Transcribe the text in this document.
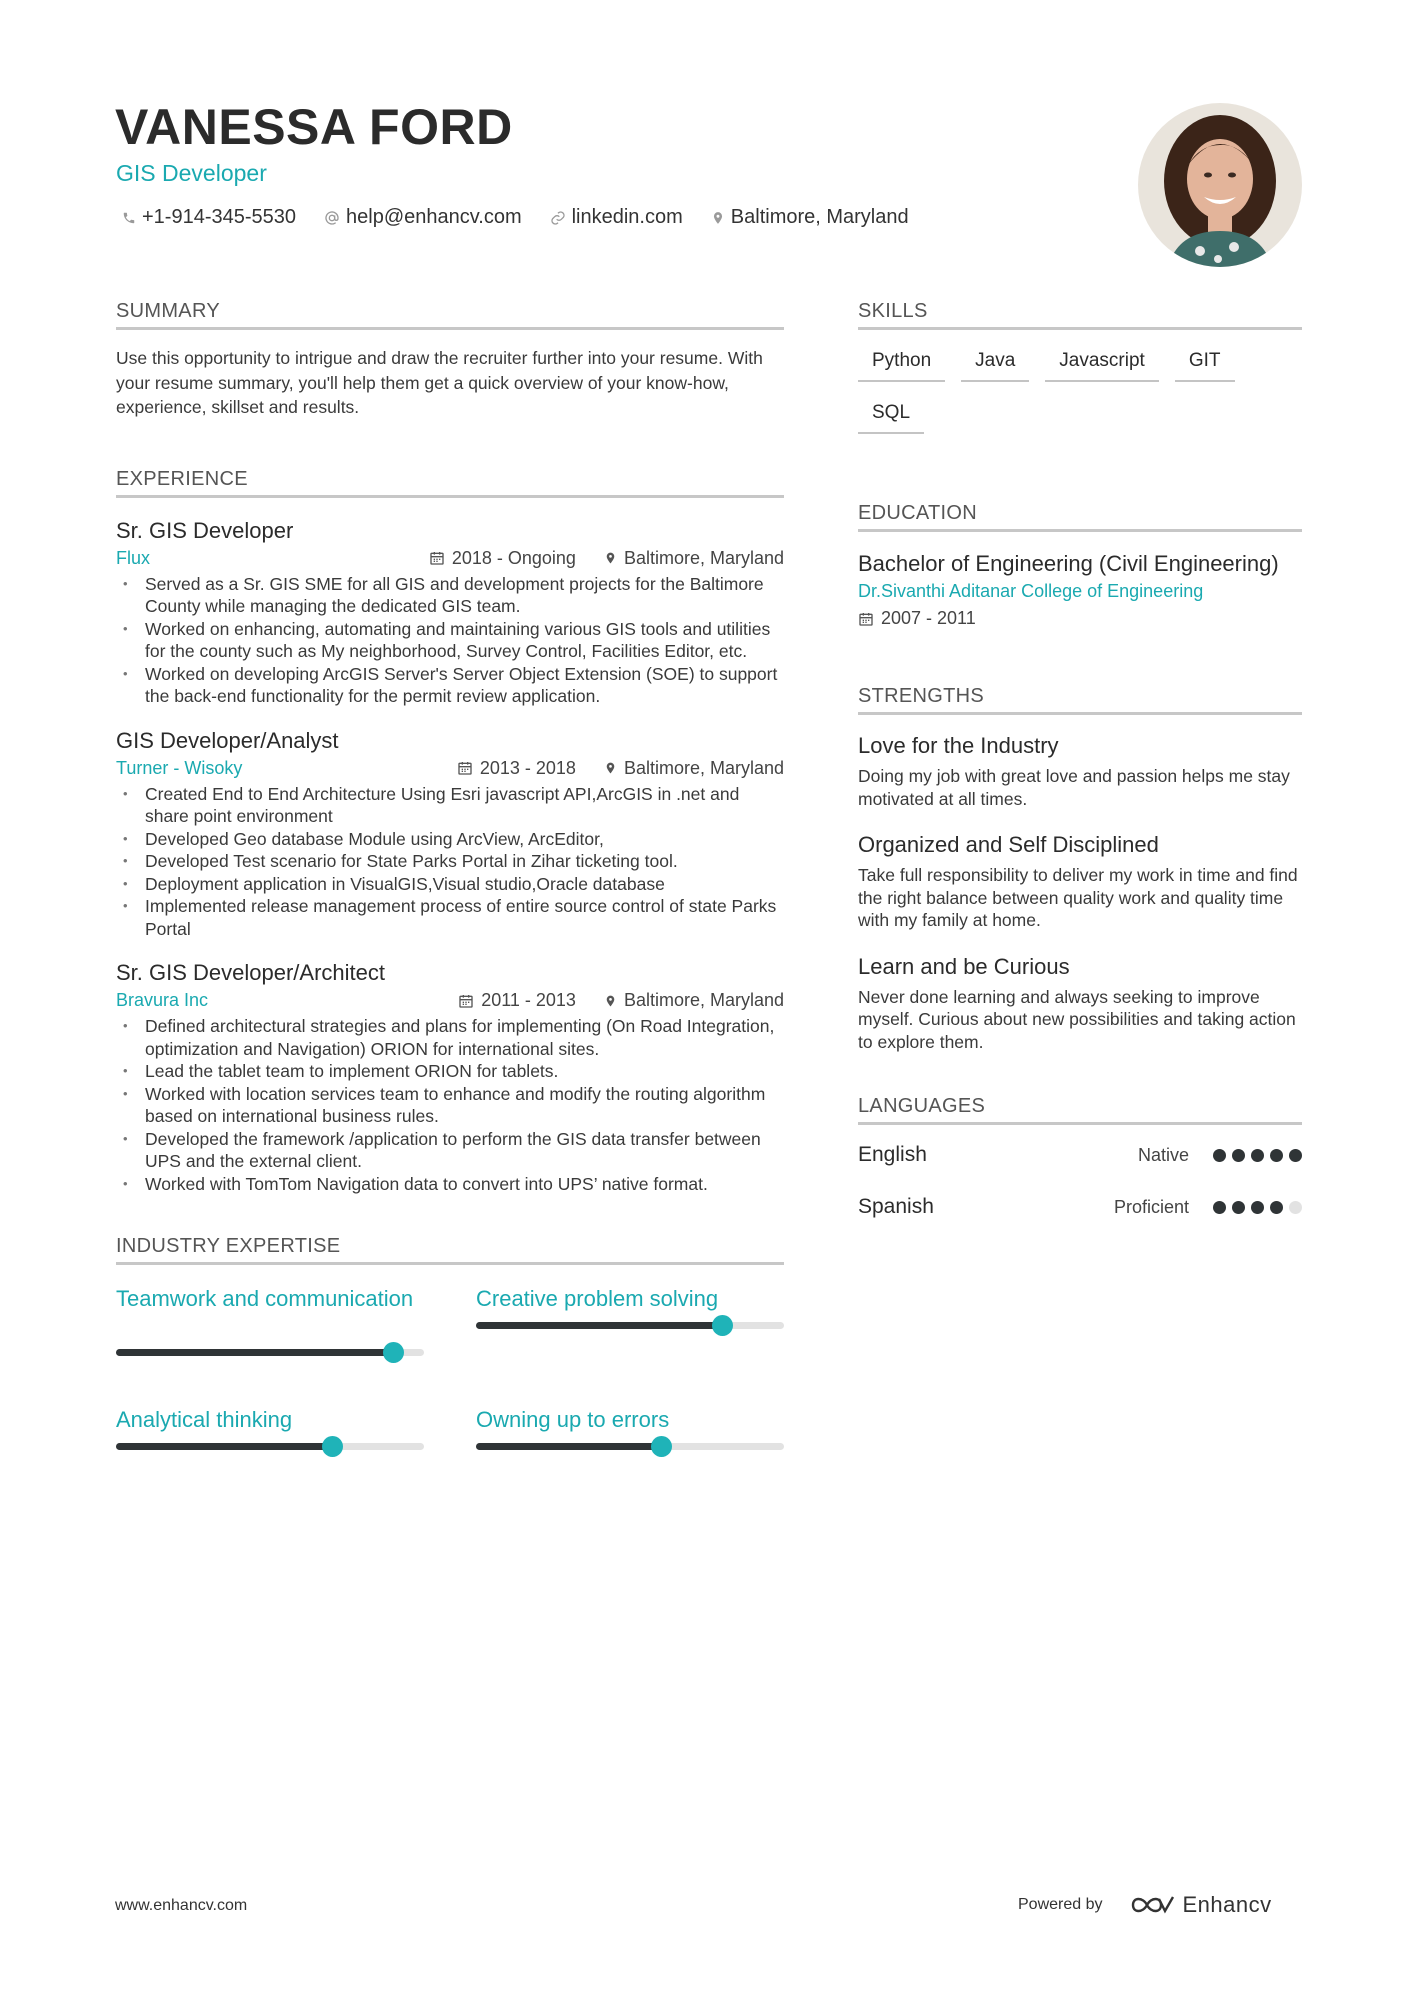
VANESSA FORD
GIS Developer
+1-914-345-5530	help@enhancv.com	linkedin.com Baltimore, Maryland
SUMMARY
Use this opportunity to intrigue and draw the recruiter further into your resume. With your resume summary, you'll help them get a quick overview of your know-how, experience, skillset and results.
EXPERIENCE
Sr. GIS Developer
Flux	2018 - Ongoing	Baltimore, Maryland
• Served as a Sr. GIS SME for all GIS and development projects for the Baltimore County while managing the dedicated GIS team.
• Worked on enhancing, automating and maintaining various GIS tools and utilities for the county such as My neighborhood, Survey Control, Facilities Editor, etc.
• Worked on developing ArcGIS Server's Server Object Extension (SOE) to support the back-end functionality for the permit review application.
GIS Developer/Analyst
Turner - Wisoky	2013 - 2018	Baltimore, Maryland
• Created End to End Architecture Using Esri javascript API,ArcGIS in .net and share point environment
• Developed Geo database Module using ArcView, ArcEditor,
• Developed Test scenario for State Parks Portal in Zihar ticketing tool.
• Deployment application in VisualGIS,Visual studio,Oracle database
• Implemented release management process of entire source control of state Parks Portal
Sr. GIS Developer/Architect
Bravura Inc	2011 - 2013	Baltimore, Maryland
• Defined architectural strategies and plans for implementing (On Road Integration, optimization and Navigation) ORION for international sites.
• Lead the tablet team to implement ORION for tablets.
• Worked with location services team to enhance and modify the routing algorithm based on international business rules.
• Developed the framework /application to perform the GIS data transfer between UPS and the external client.
• Worked with TomTom Navigation data to convert into UPS’ native format.
INDUSTRY EXPERTISE
Teamwork and communication	Creative problem solving
Analytical thinking	Owning up to errors
SKILLS
Python	Java	Javascript	GIT
SQL
EDUCATION
Bachelor of Engineering (Civil Engineering)
Dr.Sivanthi Aditanar College of Engineering
2007 - 2011
STRENGTHS
Love for the Industry
Doing my job with great love and passion helps me stay motivated at all times.
Organized and Self Disciplined
Take full responsibility to deliver my work in time and find the right balance between quality work and quality time with my family at home.
Learn and be Curious
Never done learning and always seeking to improve myself. Curious about new possibilities and taking action to explore them.
LANGUAGES
English	Native
Spanish	Proficient
www.enhancv.com	Powered by	Enhancv
